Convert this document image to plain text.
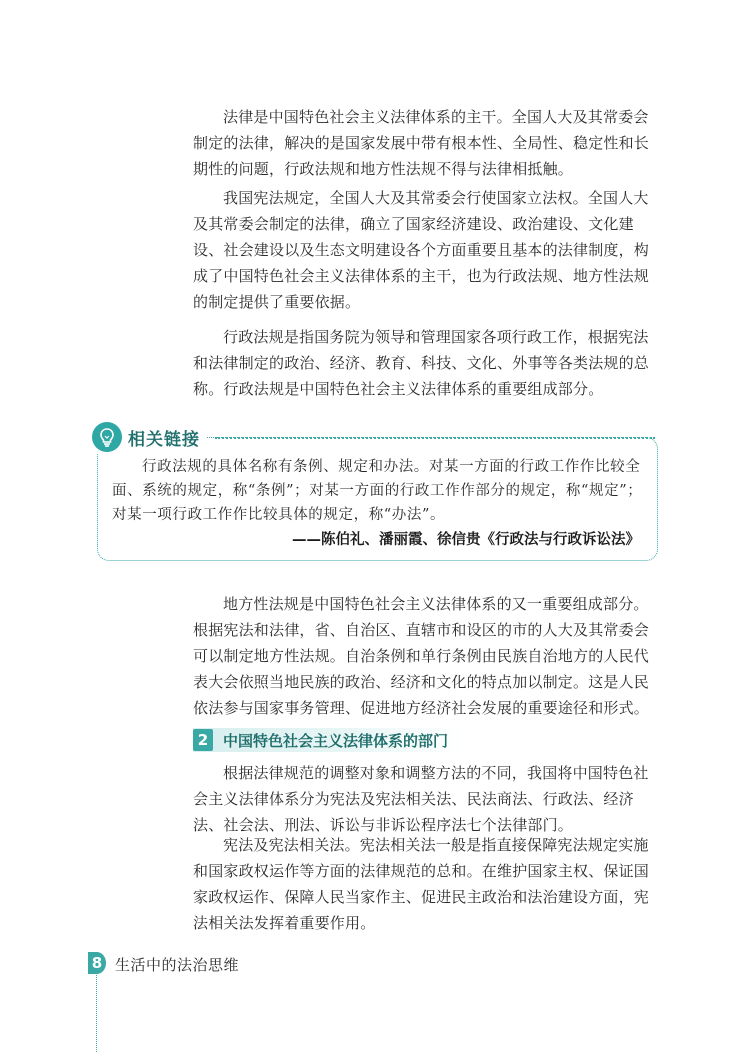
法律是中国特色社会主义法律体系的主干。全国人大及其常委会制定的法律，解决的是国家发展中带有根本性、全局性、稳定性和长期性的问题，行政法规和地方性法规不得与法律相抵触。

我国宪法规定，全国人大及其常委会行使国家立法权。全国人大及其常委会制定的法律，确立了国家经济建设、政治建设、文化建设、社会建设以及生态文明建设各个方面重要且基本的法律制度，构成了中国特色社会主义法律体系的主干，也为行政法规、地方性法规的制定提供了重要依据。

行政法规是指国务院为领导和管理国家各项行政工作，根据宪法和法律制定的政治、经济、教育、科技、文化、外事等各类法规的总称。行政法规是中国特色社会主义法律体系的重要组成部分。

相关链接

行政法规的具体名称有条例、规定和办法。对某一方面的行政工作作比较全面、系统的规定，称“条例”；对某一方面的行政工作作部分的规定，称“规定”；对某一项行政工作作比较具体的规定，称“办法”。

——陈伯礼、潘丽霞、徐信贵《行政法与行政诉讼法》

地方性法规是中国特色社会主义法律体系的又一重要组成部分。根据宪法和法律，省、自治区、直辖市和设区的市的人大及其常委会可以制定地方性法规。自治条例和单行条例由民族自治地方的人民代表大会依照当地民族的政治、经济和文化的特点加以制定。这是人民依法参与国家事务管理、促进地方经济社会发展的重要途径和形式。

2 中国特色社会主义法律体系的部门

根据法律规范的调整对象和调整方法的不同，我国将中国特色社会主义法律体系分为宪法及宪法相关法、民法商法、行政法、经济法、社会法、刑法、诉讼与非诉讼程序法七个法律部门。

宪法及宪法相关法。宪法相关法一般是指直接保障宪法规定实施和国家政权运作等方面的法律规范的总和。在维护国家主权、保证国家政权运作、保障人民当家作主、促进民主政治和法治建设方面，宪法相关法发挥着重要作用。

8 生活中的法治思维
